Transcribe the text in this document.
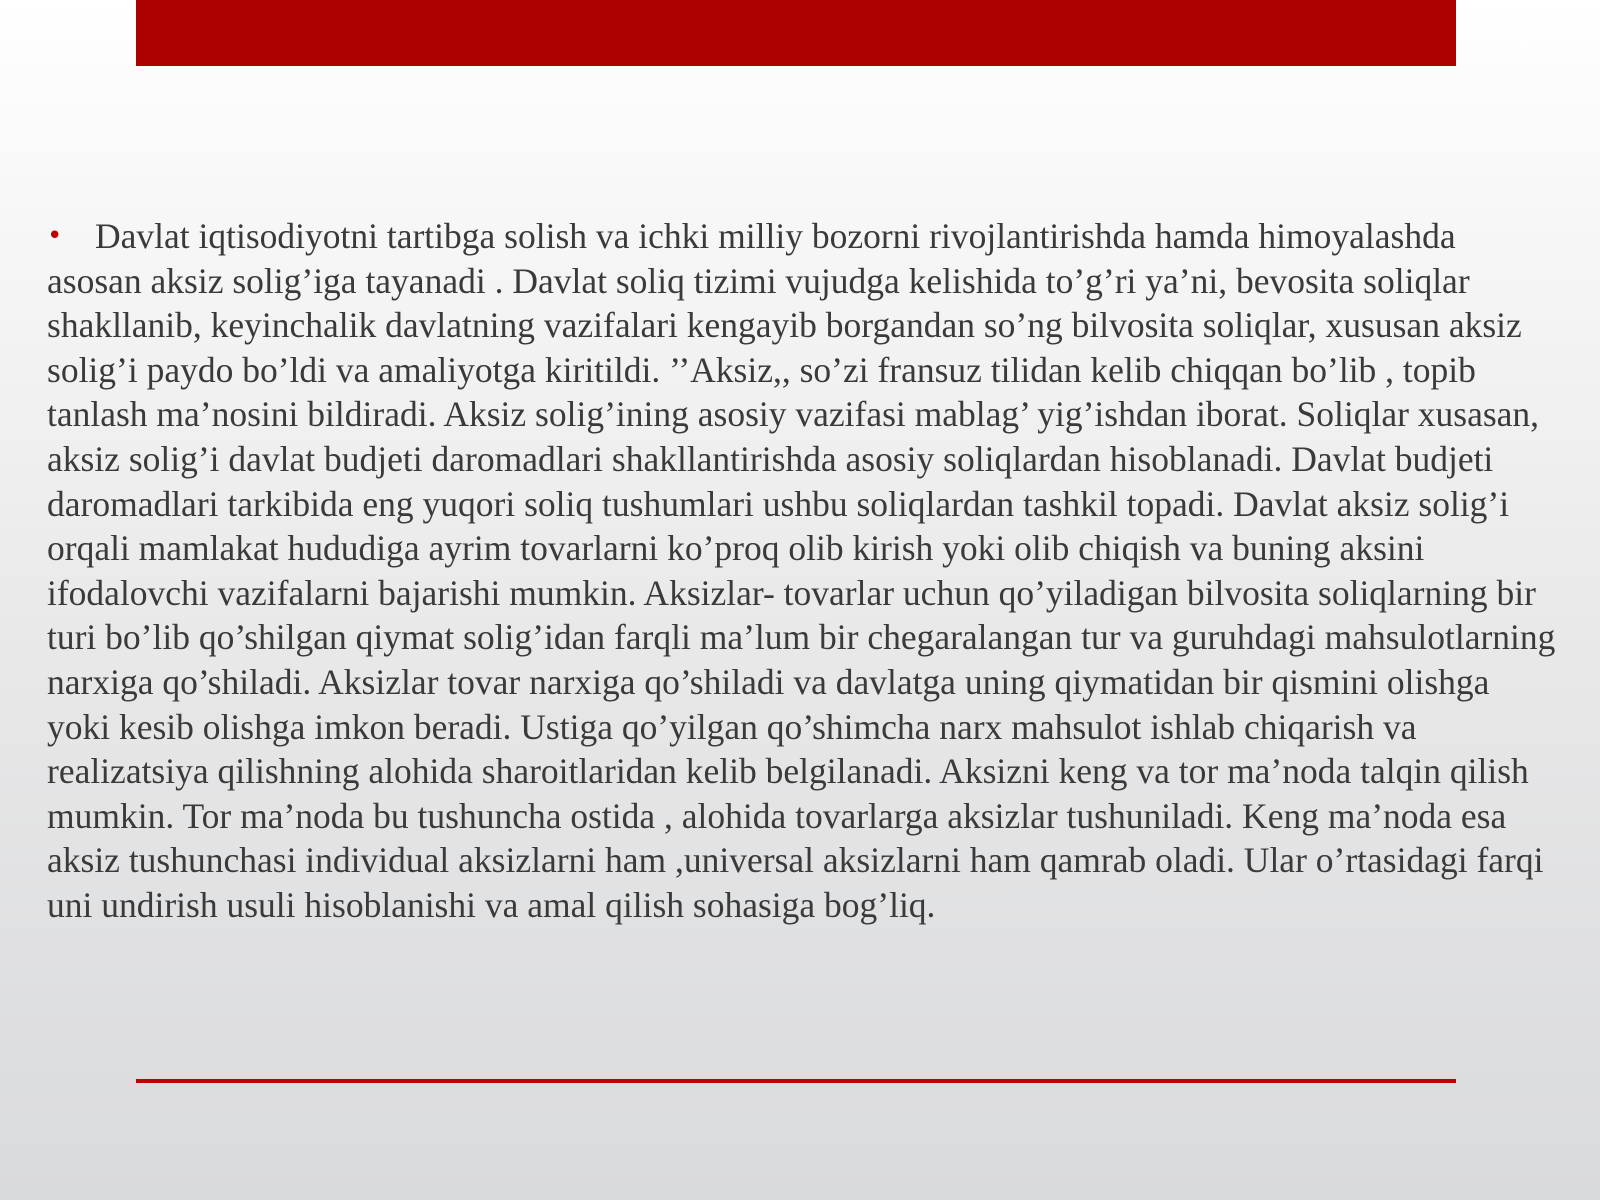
• Davlat iqtisodiyotni tartibga solish va ichki milliy bozorni rivojlantirishda hamda himoyalashda asosan aksiz solig’iga tayanadi . Davlat soliq tizimi vujudga kelishida to’g’ri ya’ni, bevosita soliqlar shakllanib, keyinchalik davlatning vazifalari kengayib borgandan so’ng bilvosita soliqlar, xususan aksiz solig’i paydo bo’ldi va amaliyotga kiritildi. ’’Aksiz,, so’zi fransuz tilidan kelib chiqqan bo’lib , topib tanlash ma’nosini bildiradi. Aksiz solig’ining asosiy vazifasi mablag’ yig’ishdan iborat. Soliqlar xusasan, aksiz solig’i davlat budjeti daromadlari shakllantirishda asosiy soliqlardan hisoblanadi. Davlat budjeti daromadlari tarkibida eng yuqori soliq tushumlari ushbu soliqlardan tashkil topadi. Davlat aksiz solig’i orqali mamlakat hududiga ayrim tovarlarni ko’proq olib kirish yoki olib chiqish va buning aksini ifodalovchi vazifalarni bajarishi mumkin. Aksizlar- tovarlar uchun qo’yiladigan bilvosita soliqlarning bir turi bo’lib qo’shilgan qiymat solig’idan farqli ma’lum bir chegaralangan tur va guruhdagi mahsulotlarning narxiga qo’shiladi. Aksizlar tovar narxiga qo’shiladi va davlatga uning qiymatidan bir qismini olishga yoki kesib olishga imkon beradi. Ustiga qo’yilgan qo’shimcha narx mahsulot ishlab chiqarish va realizatsiya qilishning alohida sharoitlaridan kelib belgilanadi. Aksizni keng va tor ma’noda talqin qilish mumkin. Tor ma’noda bu tushuncha ostida , alohida tovarlarga aksizlar tushuniladi. Keng ma’noda esa aksiz tushunchasi individual aksizlarni ham ,universal aksizlarni ham qamrab oladi. Ular o’rtasidagi farqi uni undirish usuli hisoblanishi va amal qilish sohasiga bog’liq.
